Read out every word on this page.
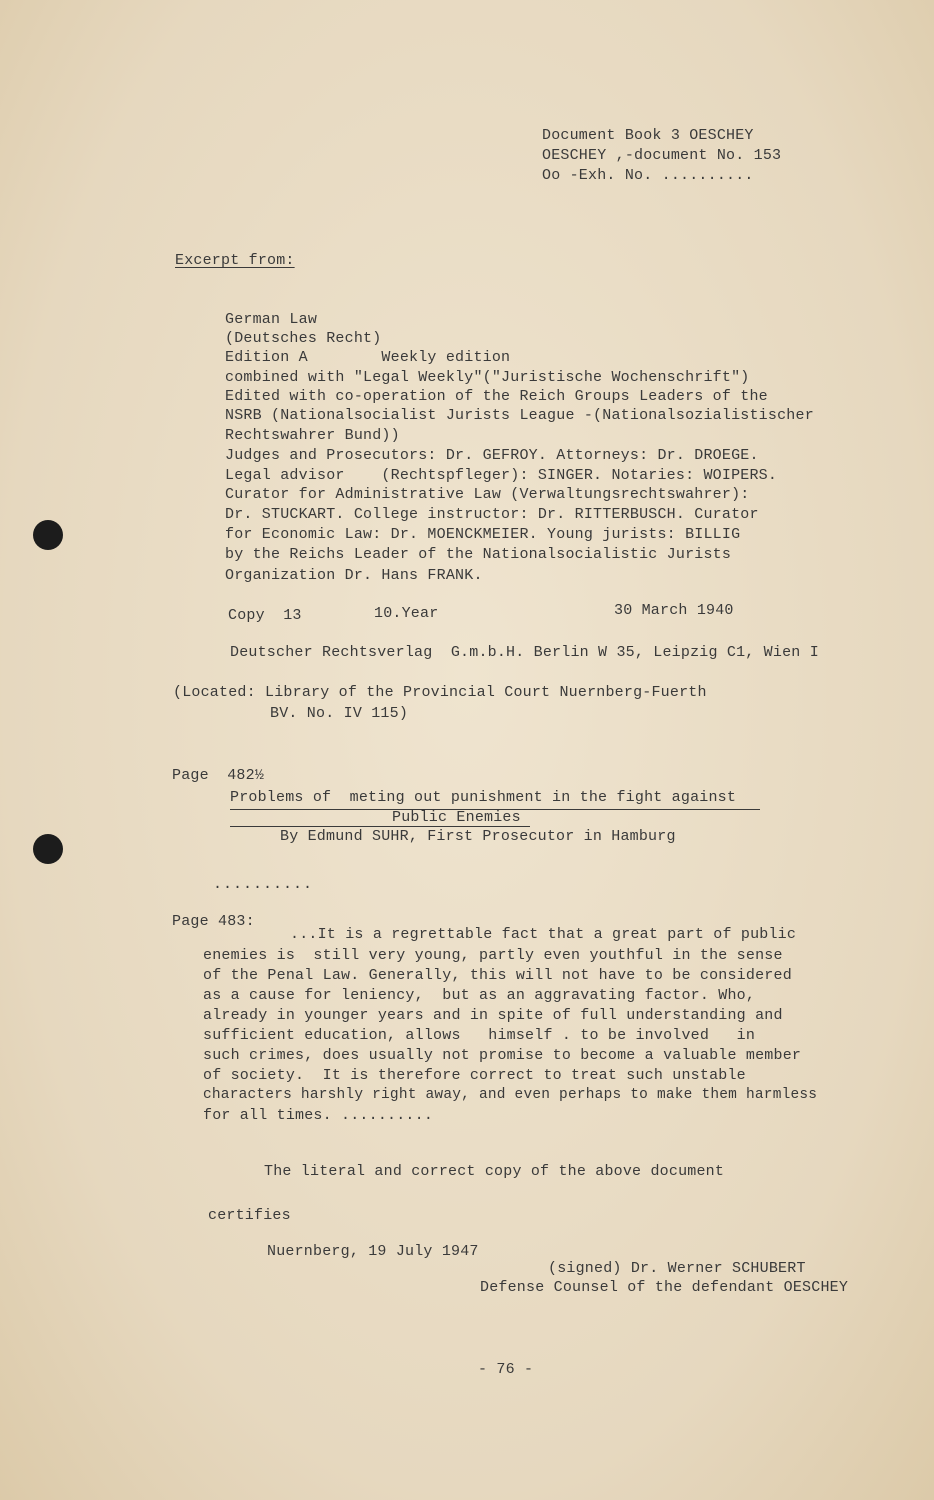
Document Book 3 OESCHEY
OESCHEY ,-document No. 153
Oo -Exh. No. ..........
Excerpt from:
German Law
(Deutsches Recht)
Edition A        Weekly edition
combined with "Legal Weekly"("Juristische Wochenschrift")
Edited with co-operation of the Reich Groups Leaders of the
NSRB (Nationalsocialist Jurists League -(Nationalsozialistischer
Rechtswahrer Bund))
Judges and Prosecutors: Dr. GEFROY. Attorneys: Dr. DROEGE.
Legal advisor    (Rechtspfleger): SINGER. Notaries: WOIPERS.
Curator for Administrative Law (Verwaltungsrechtswahrer):
Dr. STUCKART. College instructor: Dr. RITTERBUSCH. Curator
for Economic Law: Dr. MOENCKMEIER. Young jurists: BILLIG
by the Reichs Leader of the Nationalsocialistic Jurists
Organization Dr. Hans FRANK.
Copy  13	10.Year	30 March 1940
Deutscher Rechtsverlag  G.m.b.H. Berlin W 35, Leipzig C1, Wien I
(Located: Library of the Provincial Court Nuernberg-Fuerth
BV. No. IV 115)
Page  482½
Problems of  meting out punishment in the fight against
Public Enemies
By Edmund SUHR, First Prosecutor in Hamburg
..........
Page 483:
...It is a regrettable fact that a great part of public
enemies is  still very young, partly even youthful in the sense
of the Penal Law. Generally, this will not have to be considered
as a cause for leniency,  but as an aggravating factor. Who,
already in younger years and in spite of full understanding and
sufficient education, allows   himself . to be involved   in
such crimes, does usually not promise to become a valuable member
of society.  It is therefore correct to treat such unstable
characters harshly right away, and even perhaps to make them harmless
for all times. ..........
The literal and correct copy of the above document
certifies
Nuernberg, 19 July 1947
(signed) Dr. Werner SCHUBERT
Defense Counsel of the defendant OESCHEY
- 76 -
